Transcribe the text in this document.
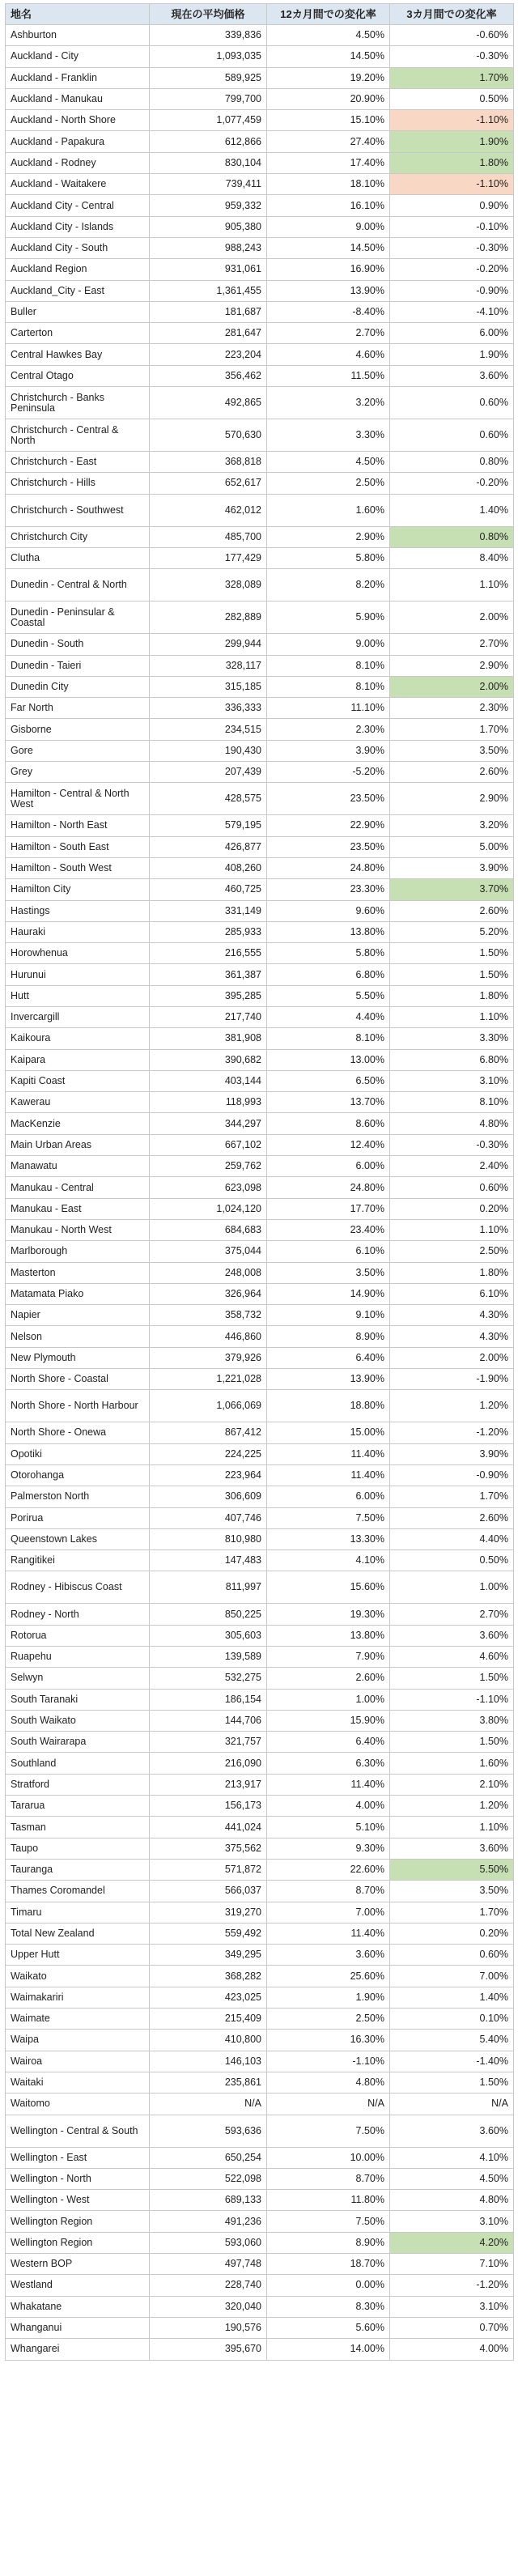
地名	現在の平均価格	12カ月間での変化率	3カ月間での変化率
Ashburton	339,836	4.50%	-0.60%
Auckland - City	1,093,035	14.50%	-0.30%
Auckland - Franklin	589,925	19.20%	1.70%
Auckland - Manukau	799,700	20.90%	0.50%
Auckland - North Shore	1,077,459	15.10%	-1.10%
Auckland - Papakura	612,866	27.40%	1.90%
Auckland - Rodney	830,104	17.40%	1.80%
Auckland - Waitakere	739,411	18.10%	-1.10%
Auckland City - Central	959,332	16.10%	0.90%
Auckland City - Islands	905,380	9.00%	-0.10%
Auckland City - South	988,243	14.50%	-0.30%
Auckland Region	931,061	16.90%	-0.20%
Auckland_City - East	1,361,455	13.90%	-0.90%
Buller	181,687	-8.40%	-4.10%
Carterton	281,647	2.70%	6.00%
Central Hawkes Bay	223,204	4.60%	1.90%
Central Otago	356,462	11.50%	3.60%
Christchurch - Banks Peninsula	492,865	3.20%	0.60%
Christchurch - Central & North	570,630	3.30%	0.60%
Christchurch - East	368,818	4.50%	0.80%
Christchurch - Hills	652,617	2.50%	-0.20%
Christchurch - Southwest	462,012	1.60%	1.40%
Christchurch City	485,700	2.90%	0.80%
Clutha	177,429	5.80%	8.40%
Dunedin - Central & North	328,089	8.20%	1.10%
Dunedin - Peninsular & Coastal	282,889	5.90%	2.00%
Dunedin - South	299,944	9.00%	2.70%
Dunedin - Taieri	328,117	8.10%	2.90%
Dunedin City	315,185	8.10%	2.00%
Far North	336,333	11.10%	2.30%
Gisborne	234,515	2.30%	1.70%
Gore	190,430	3.90%	3.50%
Grey	207,439	-5.20%	2.60%
Hamilton - Central & North West	428,575	23.50%	2.90%
Hamilton - North East	579,195	22.90%	3.20%
Hamilton - South East	426,877	23.50%	5.00%
Hamilton - South West	408,260	24.80%	3.90%
Hamilton City	460,725	23.30%	3.70%
Hastings	331,149	9.60%	2.60%
Hauraki	285,933	13.80%	5.20%
Horowhenua	216,555	5.80%	1.50%
Hurunui	361,387	6.80%	1.50%
Hutt	395,285	5.50%	1.80%
Invercargill	217,740	4.40%	1.10%
Kaikoura	381,908	8.10%	3.30%
Kaipara	390,682	13.00%	6.80%
Kapiti Coast	403,144	6.50%	3.10%
Kawerau	118,993	13.70%	8.10%
MacKenzie	344,297	8.60%	4.80%
Main Urban Areas	667,102	12.40%	-0.30%
Manawatu	259,762	6.00%	2.40%
Manukau - Central	623,098	24.80%	0.60%
Manukau - East	1,024,120	17.70%	0.20%
Manukau - North West	684,683	23.40%	1.10%
Marlborough	375,044	6.10%	2.50%
Masterton	248,008	3.50%	1.80%
Matamata Piako	326,964	14.90%	6.10%
Napier	358,732	9.10%	4.30%
Nelson	446,860	8.90%	4.30%
New Plymouth	379,926	6.40%	2.00%
North Shore - Coastal	1,221,028	13.90%	-1.90%
North Shore - North Harbour	1,066,069	18.80%	1.20%
North Shore - Onewa	867,412	15.00%	-1.20%
Opotiki	224,225	11.40%	3.90%
Otorohanga	223,964	11.40%	-0.90%
Palmerston North	306,609	6.00%	1.70%
Porirua	407,746	7.50%	2.60%
Queenstown Lakes	810,980	13.30%	4.40%
Rangitikei	147,483	4.10%	0.50%
Rodney - Hibiscus Coast	811,997	15.60%	1.00%
Rodney - North	850,225	19.30%	2.70%
Rotorua	305,603	13.80%	3.60%
Ruapehu	139,589	7.90%	4.60%
Selwyn	532,275	2.60%	1.50%
South Taranaki	186,154	1.00%	-1.10%
South Waikato	144,706	15.90%	3.80%
South Wairarapa	321,757	6.40%	1.50%
Southland	216,090	6.30%	1.60%
Stratford	213,917	11.40%	2.10%
Tararua	156,173	4.00%	1.20%
Tasman	441,024	5.10%	1.10%
Taupo	375,562	9.30%	3.60%
Tauranga	571,872	22.60%	5.50%
Thames Coromandel	566,037	8.70%	3.50%
Timaru	319,270	7.00%	1.70%
Total New Zealand	559,492	11.40%	0.20%
Upper Hutt	349,295	3.60%	0.60%
Waikato	368,282	25.60%	7.00%
Waimakariri	423,025	1.90%	1.40%
Waimate	215,409	2.50%	0.10%
Waipa	410,800	16.30%	5.40%
Wairoa	146,103	-1.10%	-1.40%
Waitaki	235,861	4.80%	1.50%
Waitomo	N/A	N/A	N/A
Wellington - Central & South	593,636	7.50%	3.60%
Wellington - East	650,254	10.00%	4.10%
Wellington - North	522,098	8.70%	4.50%
Wellington - West	689,133	11.80%	4.80%
Wellington Region	491,236	7.50%	3.10%
Wellington Region	593,060	8.90%	4.20%
Western BOP	497,748	18.70%	7.10%
Westland	228,740	0.00%	-1.20%
Whakatane	320,040	8.30%	3.10%
Whanganui	190,576	5.60%	0.70%
Whangarei	395,670	14.00%	4.00%
